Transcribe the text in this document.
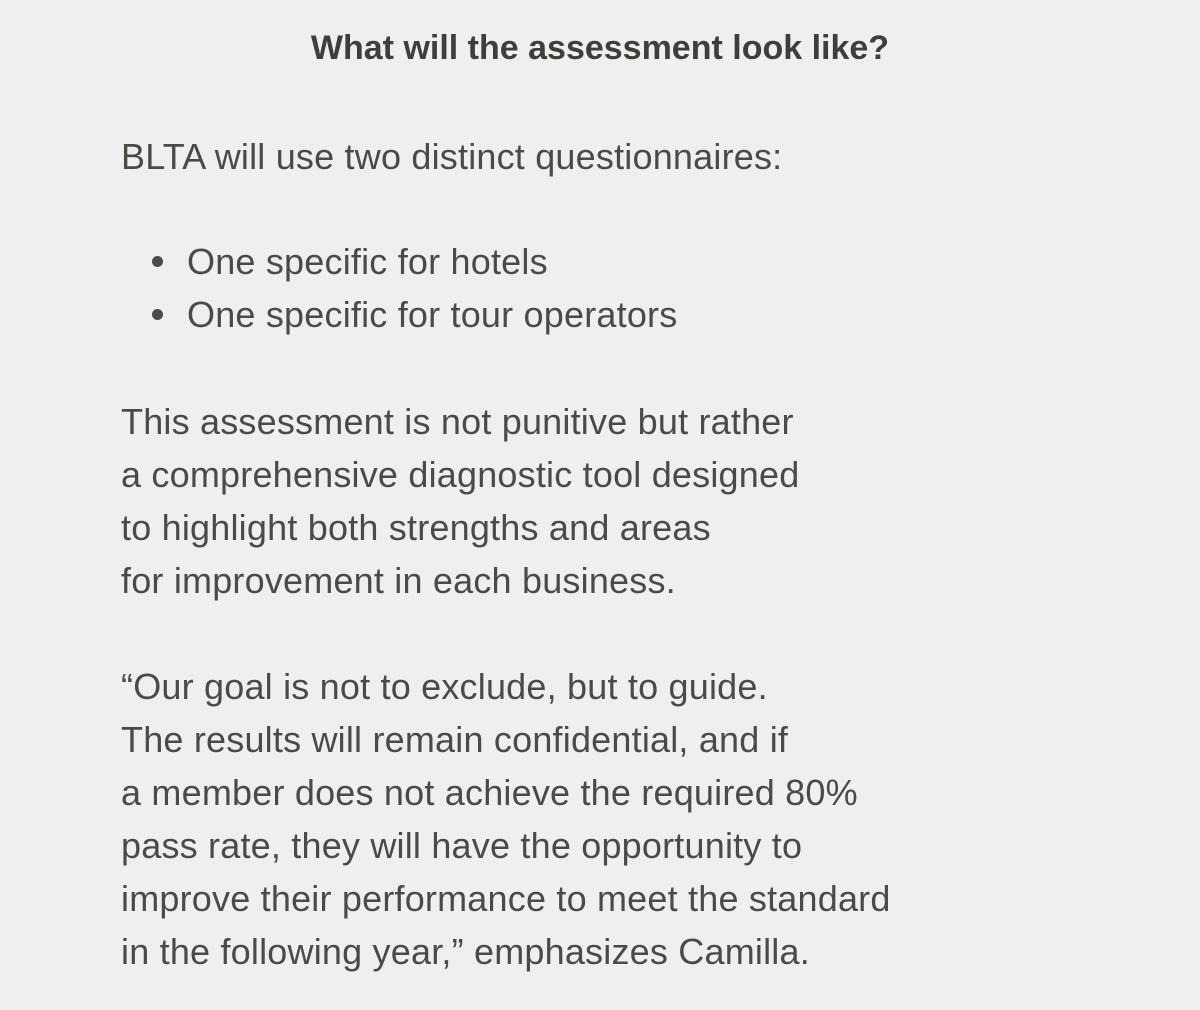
What will the assessment look like?

BLTA will use two distinct questionnaires:

One specific for hotels
One specific for tour operators

This assessment is not punitive but rather
a comprehensive diagnostic tool designed
to highlight both strengths and areas
for improvement in each business.

“Our goal is not to exclude, but to guide.
The results will remain confidential, and if
a member does not achieve the required 80%
pass rate, they will have the opportunity to
improve their performance to meet the standard
in the following year,” emphasizes Camilla.
